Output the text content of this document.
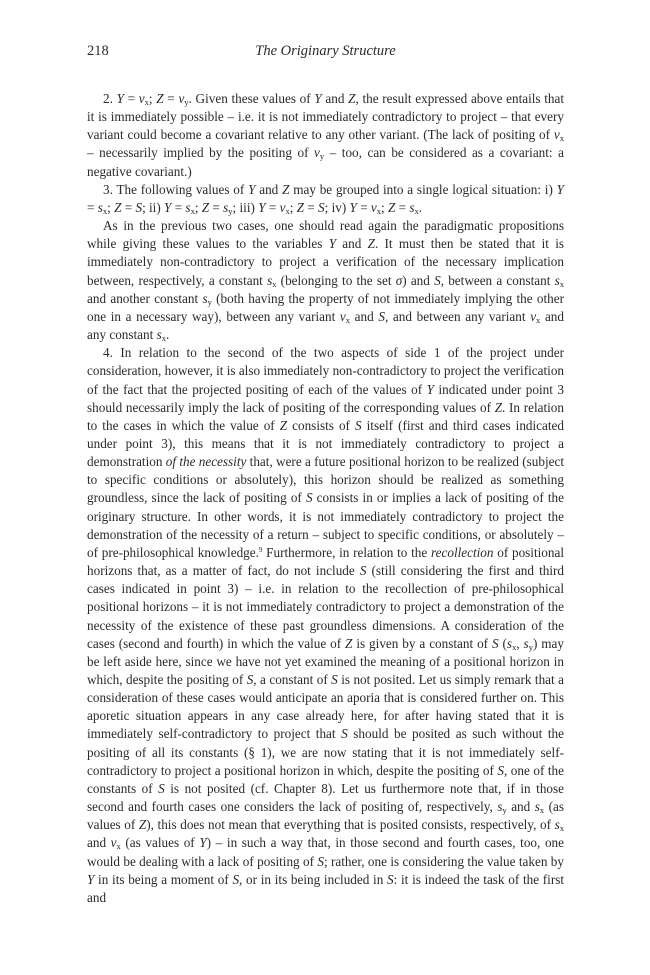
218	The Originary Structure

2. $Y = v_x$; $Z = v_y$. Given these values of Y and Z, the result expressed above entails that it is immediately possible – i.e. it is not immediately contradictory to project – that every variant could become a covariant relative to any other variant. (The lack of positing of $v_x$ – necessarily implied by the positing of $v_y$ – too, can be considered as a covariant: a negative covariant.)

3. The following values of Y and Z may be grouped into a single logical situation: i) $Y = s_x$; Z = S; ii) $Y = s_x$; $Z = s_y$; iii) $Y = v_x$; Z = S; iv) $Y = v_x$; $Z = s_x$.

As in the previous two cases, one should read again the paradigmatic propositions while giving these values to the variables Y and Z. It must then be stated that it is immediately non-contradictory to project a verification of the necessary implication between, respectively, a constant $s_x$ (belonging to the set σ) and S, between a constant $s_x$ and another constant $s_y$ (both having the property of not immediately implying the other one in a necessary way), between any variant $v_x$ and S, and between any variant $v_x$ and any constant $s_x$.

4. In relation to the second of the two aspects of side 1 of the project under consideration, however, it is also immediately non-contradictory to project the verification of the fact that the projected positing of each of the values of Y indicated under point 3 should necessarily imply the lack of positing of the corresponding values of Z. In relation to the cases in which the value of Z consists of S itself (first and third cases indicated under point 3), this means that it is not immediately contradictory to project a demonstration of the necessity that, were a future positional horizon to be realized (subject to specific conditions or absolutely), this horizon should be realized as something groundless, since the lack of positing of S consists in or implies a lack of positing of the originary structure. In other words, it is not immediately contradictory to project the demonstration of the necessity of a return – subject to specific conditions, or absolutely – of pre-philosophical knowledge.$^9$ Furthermore, in relation to the recollection of positional horizons that, as a matter of fact, do not include S (still considering the first and third cases indicated in point 3) – i.e. in relation to the recollection of pre-philosophical positional horizons – it is not immediately contradictory to project a demonstration of the necessity of the existence of these past groundless dimensions. A consideration of the cases (second and fourth) in which the value of Z is given by a constant of S ($s_x$, $s_y$) may be left aside here, since we have not yet examined the meaning of a positional horizon in which, despite the positing of S, a constant of S is not posited. Let us simply remark that a consideration of these cases would anticipate an aporia that is considered further on. This aporetic situation appears in any case already here, for after having stated that it is immediately self-contradictory to project that S should be posited as such without the positing of all its constants (§ 1), we are now stating that it is not immediately self-contradictory to project a positional horizon in which, despite the positing of S, one of the constants of S is not posited (cf. Chapter 8). Let us furthermore note that, if in those second and fourth cases one considers the lack of positing of, respectively, $s_y$ and $s_x$ (as values of Z), this does not mean that everything that is posited consists, respectively, of $s_x$ and $v_x$ (as values of Y) – in such a way that, in those second and fourth cases, too, one would be dealing with a lack of positing of S; rather, one is considering the value taken by Y in its being a moment of S, or in its being included in S: it is indeed the task of the first and
